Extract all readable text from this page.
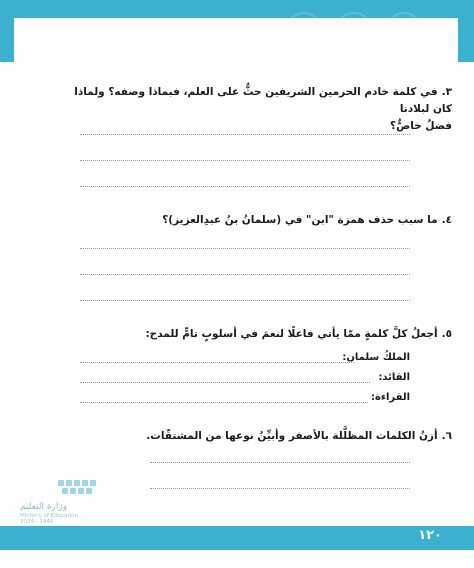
٣.في كلمة خادم الحرمين الشريفين حثٌّ على العلم، فبماذا وصفه؟ ولماذا كان لبلادنا
فضلٌ خاصٌّ؟
٤.ما سبب حذف همزة "ابن" في (سلمانُ بنُ عبدِالعزيز)؟
٥.أجعلُ كلَّ كلمةٍ ممّا يأتي فاعلًا لنعمَ في أسلوبٍ تامٍّ للمدح:
الملكُ سلمان:
القائد:
القراءة:
٦.أزنُ الكلمات المظلَّلة بالأصفر وأبيِّنُ نوعها من المشتقّات.
وزارة التعليم
Ministry of Education
2024 - 1446
١٢٠
